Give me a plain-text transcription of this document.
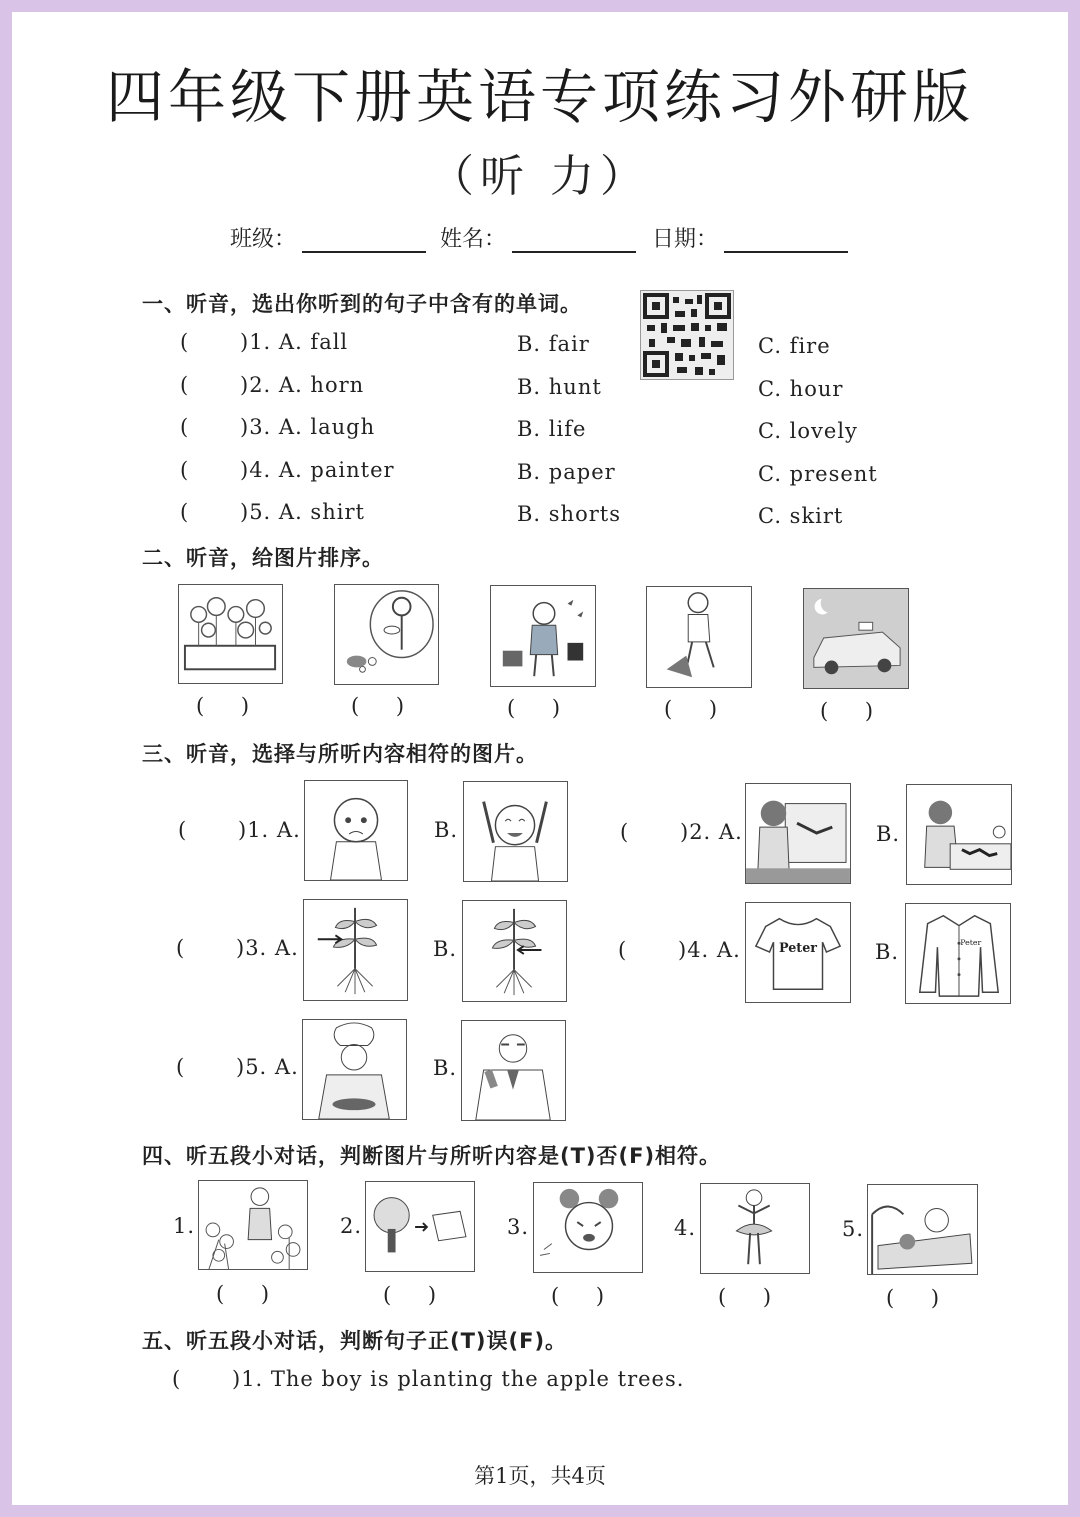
四年级下册英语专项练习外研版
（听 力）
班级：	姓名：	日期：
一、听音，选出你听到的句子中含有的单词。
( )1. A. fall	B. fair	C. fire
( )2. A. horn	B. hunt	C. hour
( )3. A. laugh	B. life	C. lovely
( )4. A. painter	B. paper	C. present
( )5. A. shirt	B. shorts	C. skirt
二、听音，给图片排序。
( )	( )	( )	( )	( )
三、听音，选择与所听内容相符的图片。
( )1. A.	B.	( )2. A.	B.
( )3. A.	B.	( )4. A.	Peter	B.	Peter
( )5. A.	B.
四、听五段小对话，判断图片与所听内容是(T)否(F)相符。
1.
( )
2.
( )
3.
( )
4.
( )
5.
( )
五、听五段小对话，判断句子正(T)误(F)。
( )1. The boy is planting the apple trees.
第1页，共4页
